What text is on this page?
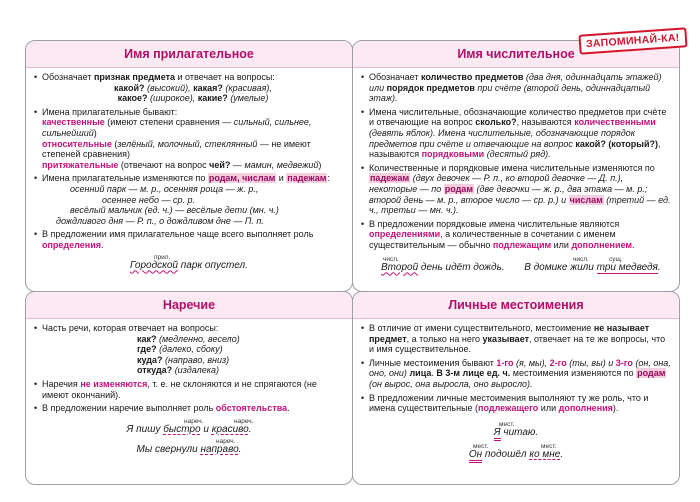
Имя прилагательное
• Обозначает признак предмета и отвечает на вопросы:
какой? (высокий), какая? (красивая),
какое? (широкое), какие? (умелые)
• Имена прилагательные бывают:
качественные (имеют степени сравнения — сильный, сильнее, сильнейший)
относительные (зелёный, молочный, стеклянный — не имеют степеней сравнения)
притяжательные (отвечают на вопрос чей? — мамин, медвежий)
• Имена прилагательные изменяются по родам, числам и падежам:
осенний парк — м. р., осенняя роща — ж. р.,
осеннее небо — ср. р.
весёлый мальчик (ед. ч.) — весёлые дети (мн. ч.)
дождливого дня — Р. п., о дождливом дне — П. п.
• В предложении имя прилагательное чаще всего выполняет роль определения.
прил.
Городской парк опустел.
Имя числительное
• Обозначает количество предметов (два дня, одиннадцать этажей) или порядок предметов при счёте (второй день, одиннадцатый этаж).
• Имена числительные, обозначающие количество предметов при счёте и отвечающие на вопрос сколько?, называются количественными (девять яблок). Имена числительные, обозначающие порядок предметов при счёте и отвечающие на вопрос какой? (который?), называются порядковыми (десятый ряд).
• Количественные и порядковые имена числительные изменяются по падежам (двух девочек — Р. п., ко второй девочке — Д. п.), некоторые — по родам (две девочки — ж. р., два этажа — м. р.; второй день — м. р., второе число — ср. р.) и числам (третий — ед. ч., третьи — мн. ч.).
• В предложении порядковые имена числительные являются определениями, а количественные в сочетании с именем существительным — обычно подлежащим или дополнением.
числ.	числ.	сущ.
Второй день идёт дождь. В домике жили три медведя.
Наречие
• Часть речи, которая отвечает на вопросы:
как? (медленно, весело)
где? (далеко, сбоку)
куда? (направо, вниз)
откуда? (издалека)
• Наречия не изменяются, т. е. не склоняются и не спрягаются (не имеют окончаний).
• В предложении наречие выполняет роль обстоятельства.
нареч.	нареч.
Я пишу быстро и красиво.
нареч.
Мы свернули направо.
Личные местоимения
• В отличие от имени существительного, местоимение не называет предмет, а только на него указывает, отвечает на те же вопросы, что и имя существительное.
• Личные местоимения бывают 1-го (я, мы), 2-го (ты, вы) и 3-го (он, она, оно, они) лица. В 3-м лице ед. ч. местоимения изменяются по родам (он вырос, она выросла, оно выросло).
• В предложении личные местоимения выполняют ту же роль, что и имена существительные (подлежащего или дополнения).
мест.
Я читаю.
мест.	мест.
Он подошёл ко мне.
ЗАПОМИНАЙ-КА!
